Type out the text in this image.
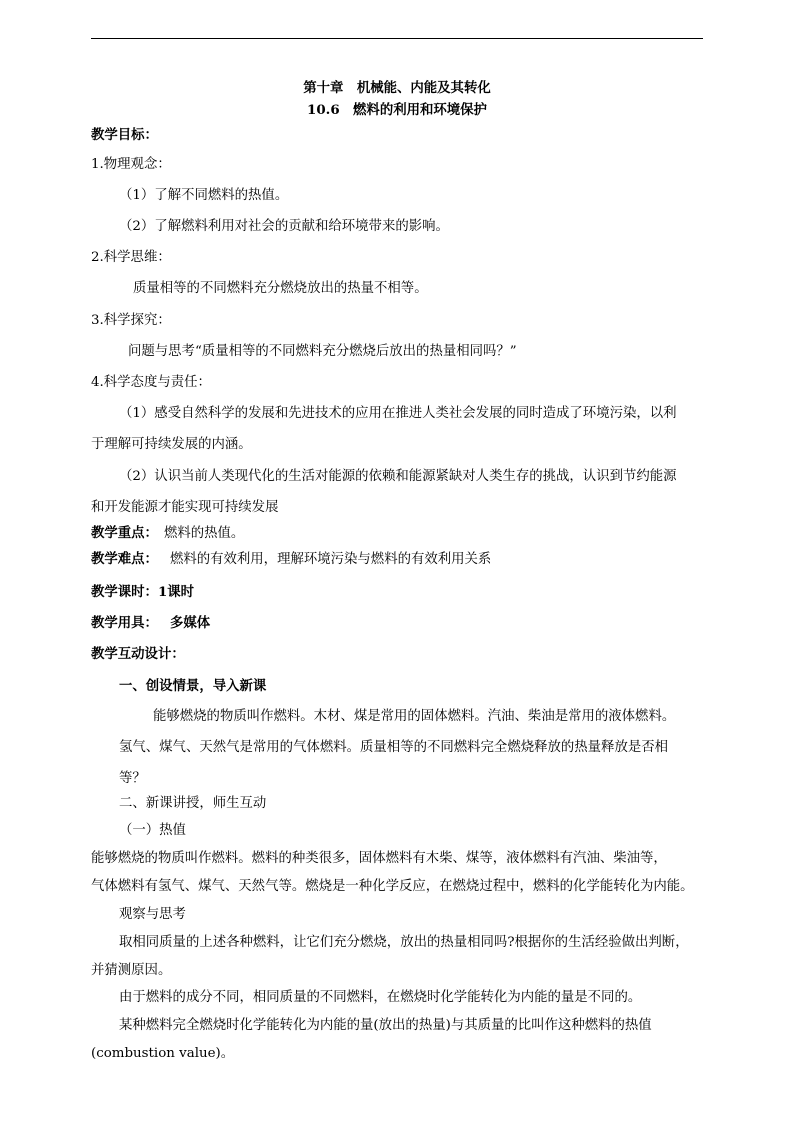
第十章　机械能、内能及其转化
10.6　燃料的利用和环境保护
教学目标：
1.物理观念：
（1）了解不同燃料的热值。
（2）了解燃料利用对社会的贡献和给环境带来的影响。
2.科学思维：
质量相等的不同燃料充分燃烧放出的热量不相等。
3.科学探究：
问题与思考“质量相等的不同燃料充分燃烧后放出的热量相同吗？”
4.科学态度与责任：
（1）感受自然科学的发展和先进技术的应用在推进人类社会发展的同时造成了环境污染，以利
于理解可持续发展的内涵。
（2）认识当前人类现代化的生活对能源的依赖和能源紧缺对人类生存的挑战，认识到节约能源
和开发能源才能实现可持续发展
教学重点： 燃料的热值。
教学难点： 燃料的有效利用，理解环境污染与燃料的有效利用关系
教学课时：1课时
教学用具： 多媒体
教学互动设计：
一、创设情景，导入新课
能够燃烧的物质叫作燃料。木材、煤是常用的固体燃料。汽油、柴油是常用的液体燃料。
氢气、煤气、天然气是常用的气体燃料。质量相等的不同燃料完全燃烧释放的热量释放是否相
等？
二、新课讲授，师生互动
（一）热值
能够燃烧的物质叫作燃料。燃料的种类很多，固体燃料有木柴、煤等，液体燃料有汽油、柴油等，
气体燃料有氢气、煤气、天然气等。燃烧是一种化学反应，在燃烧过程中，燃料的化学能转化为内能。
观察与思考
取相同质量的上述各种燃料，让它们充分燃烧，放出的热量相同吗?根据你的生活经验做出判断，
并猜测原因。
由于燃料的成分不同，相同质量的不同燃料，在燃烧时化学能转化为内能的量是不同的。
某种燃料完全燃烧时化学能转化为内能的量(放出的热量)与其质量的比叫作这种燃料的热值
(combustion value)。
